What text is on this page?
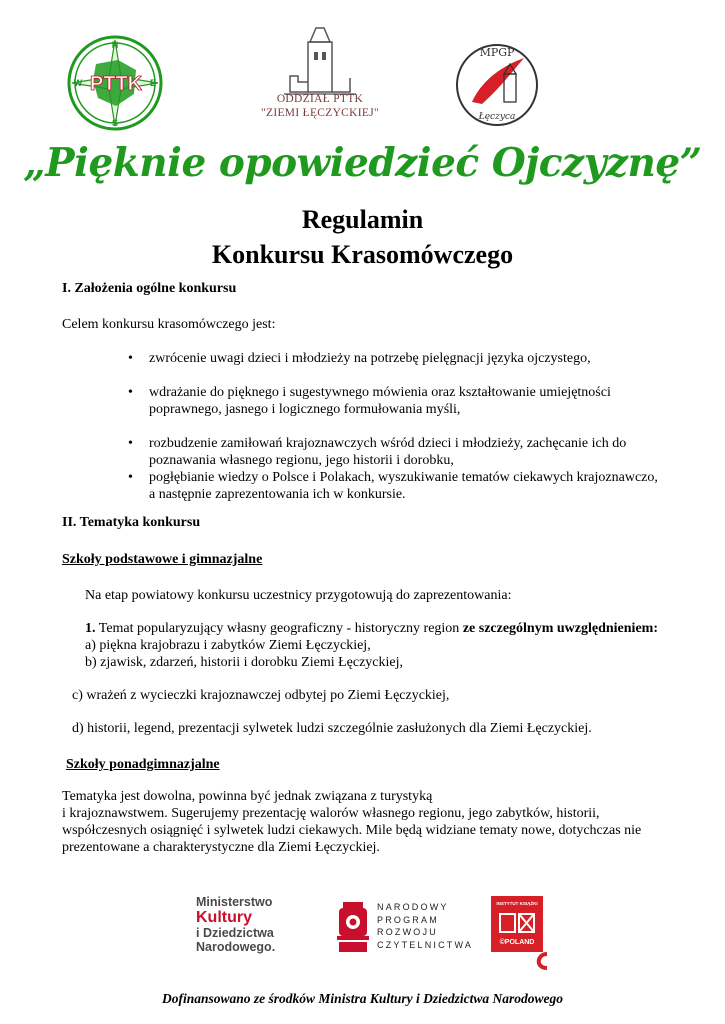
PTTK
N
E
S
W
ODDZIAŁ PTTK
"ZIEMI ŁĘCZYCKIEJ"
MPGP
Łęczyca
„Pięknie opowiedzieć Ojczyznę”
Regulamin
Konkursu Krasomówczego
I. Założenia ogólne konkursu
Celem konkursu krasomówczego jest:
• zwrócenie uwagi dzieci i młodzieży na potrzebę pielęgnacji języka ojczystego,
• wdrażanie do pięknego i sugestywnego mówienia oraz kształtowanie umiejętności
poprawnego, jasnego i logicznego formułowania myśli,
• rozbudzenie zamiłowań krajoznawczych wśród dzieci i młodzieży, zachęcanie ich do
poznawania własnego regionu, jego historii i dorobku,
• pogłębianie wiedzy o Polsce i Polakach, wyszukiwanie tematów ciekawych krajoznawczo,
a następnie zaprezentowania ich w konkursie.
II. Tematyka konkursu
Szkoły podstawowe i gimnazjalne
Na etap powiatowy konkursu uczestnicy przygotowują do zaprezentowania:
1. Temat popularyzujący własny geograficzny - historyczny region ze szczególnym uwzględnieniem:
a) piękna krajobrazu i zabytków Ziemi Łęczyckiej,
b) zjawisk, zdarzeń, historii i dorobku Ziemi Łęczyckiej,
c) wrażeń z wycieczki krajoznawczej odbytej po Ziemi Łęczyckiej,
d) historii, legend, prezentacji sylwetek ludzi szczególnie zasłużonych dla Ziemi Łęczyckiej.
Szkoły ponadgimnazjalne
Tematyka jest dowolna, powinna być jednak związana z turystyką
i krajoznawstwem. Sugerujemy prezentację walorów własnego regionu, jego zabytków, historii,
współczesnych osiągnięć i sylwetek ludzi ciekawych. Mile będą widziane tematy nowe, dotychczas nie
prezentowane a charakterystyczne dla Ziemi Łęczyckiej.
Ministerstwo
Kultury
i Dziedzictwa
Narodowego.
NARODOWY
PROGRAM
ROZWOJU
CZYTELNICTWA
INSTYTUT KSIĄŻKI
©POLAND
Dofinansowano ze środków Ministra Kultury i Dziedzictwa Narodowego
